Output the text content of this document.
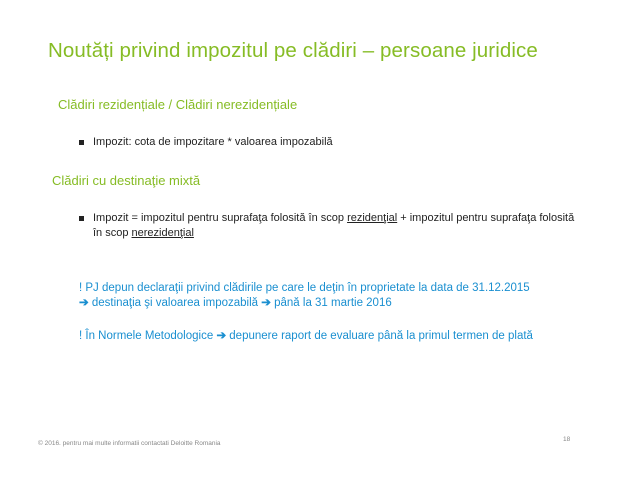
Noutăți privind impozitul pe clădiri – persoane juridice
Clădiri rezidențiale / Clădiri nerezidențiale
Impozit: cota de impozitare * valoarea impozabilă
Clădiri cu destinaţie mixtă
Impozit = impozitul pentru suprafaţa folosită în scop rezidenţial + impozitul pentru suprafaţa folosită în scop nerezidenţial
! PJ depun declaraţii privind clădirile pe care le deţin în proprietate la data de 31.12.2015
➔ destinaţia şi valoarea impozabilă ➔ până la 31 martie 2016
! În Normele Metodologice ➔ depunere raport de evaluare până la primul termen de plată
© 2016. pentru mai multe informatii contactati Deloitte Romania
18
